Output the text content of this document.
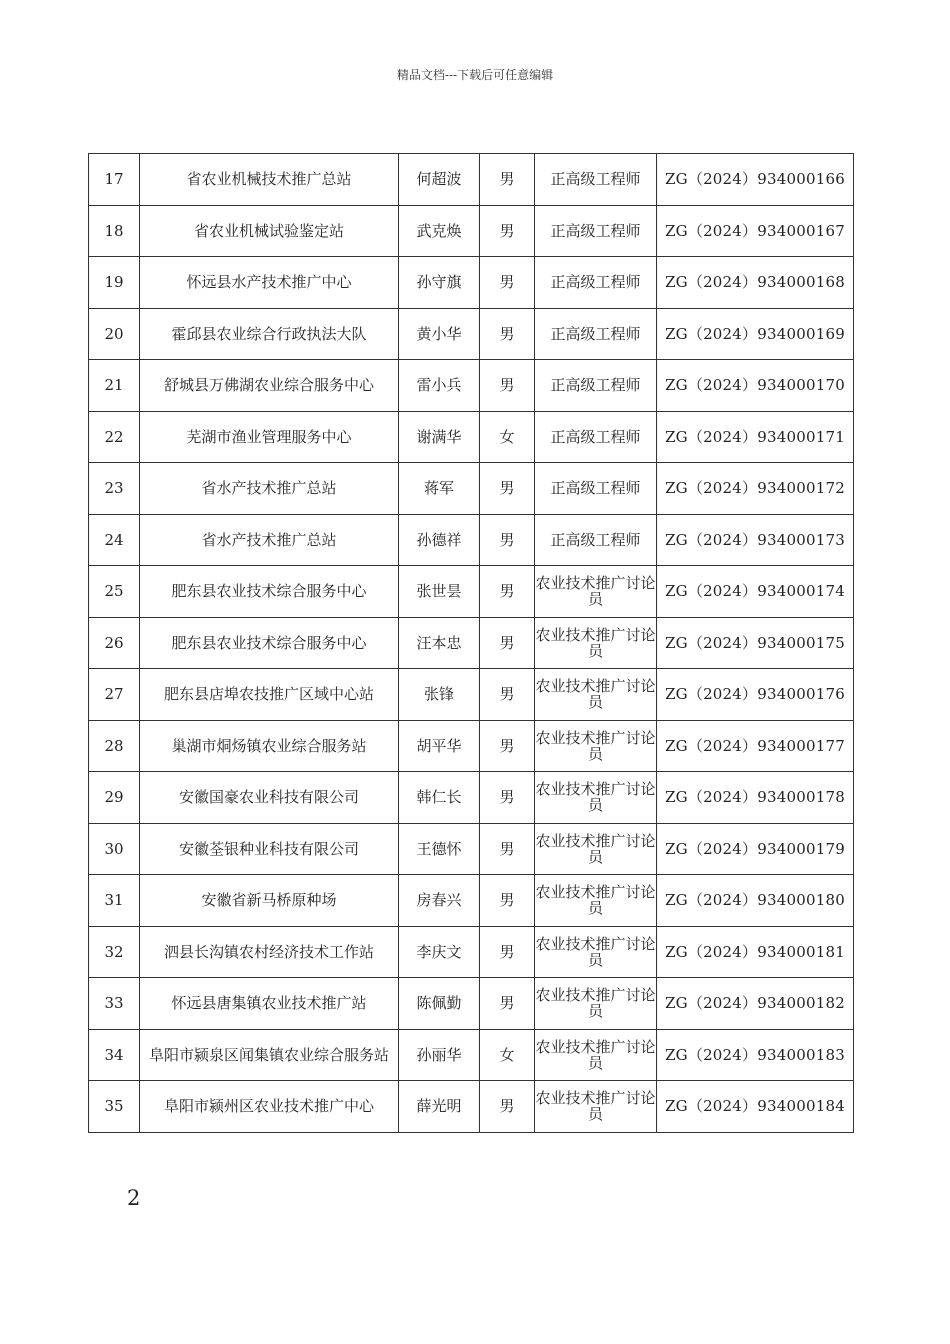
精品文档---下载后可任意编辑
17	省农业机械技术推广总站	何超波	男	正高级工程师	ZG（2024）934000166
18	省农业机械试验鉴定站	武克焕	男	正高级工程师	ZG（2024）934000167
19	怀远县水产技术推广中心	孙守旗	男	正高级工程师	ZG（2024）934000168
20	霍邱县农业综合行政执法大队	黄小华	男	正高级工程师	ZG（2024）934000169
21	舒城县万佛湖农业综合服务中心	雷小兵	男	正高级工程师	ZG（2024）934000170
22	芜湖市渔业管理服务中心	谢满华	女	正高级工程师	ZG（2024）934000171
23	省水产技术推广总站	蒋军	男	正高级工程师	ZG（2024）934000172
24	省水产技术推广总站	孙德祥	男	正高级工程师	ZG（2024）934000173
25	肥东县农业技术综合服务中心	张世昙	男	农业技术推广讨论员	ZG（2024）934000174
26	肥东县农业技术综合服务中心	汪本忠	男	农业技术推广讨论员	ZG（2024）934000175
27	肥东县店埠农技推广区域中心站	张锋	男	农业技术推广讨论员	ZG（2024）934000176
28	巢湖市烔炀镇农业综合服务站	胡平华	男	农业技术推广讨论员	ZG（2024）934000177
29	安徽国豪农业科技有限公司	韩仁长	男	农业技术推广讨论员	ZG（2024）934000178
30	安徽荃银种业科技有限公司	王德怀	男	农业技术推广讨论员	ZG（2024）934000179
31	安徽省新马桥原种场	房春兴	男	农业技术推广讨论员	ZG（2024）934000180
32	泗县长沟镇农村经济技术工作站	李庆文	男	农业技术推广讨论员	ZG（2024）934000181
33	怀远县唐集镇农业技术推广站	陈佩勤	男	农业技术推广讨论员	ZG（2024）934000182
34	阜阳市颍泉区闻集镇农业综合服务站	孙丽华	女	农业技术推广讨论员	ZG（2024）934000183
35	阜阳市颍州区农业技术推广中心	薛光明	男	农业技术推广讨论员	ZG（2024）934000184
2
